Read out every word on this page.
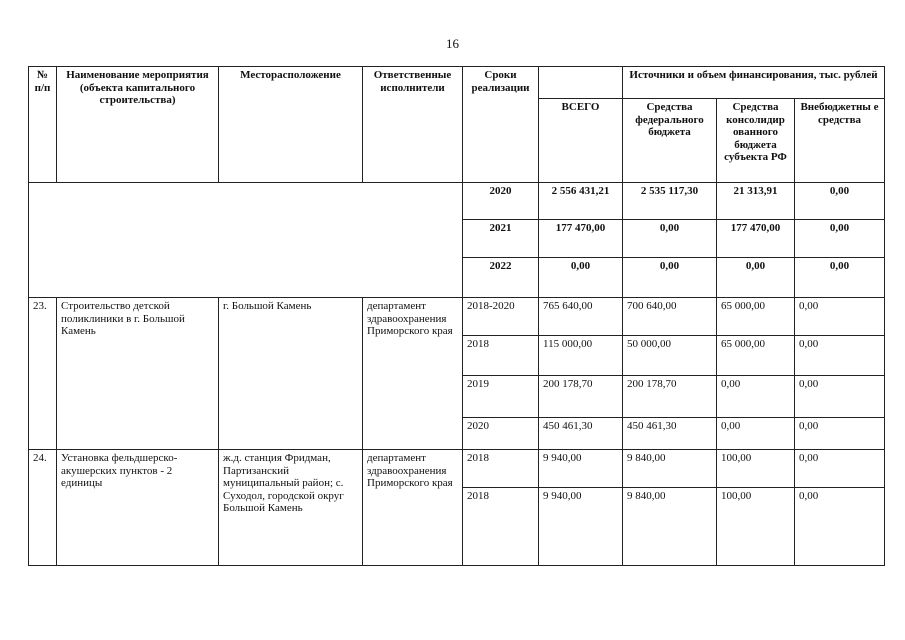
16
№ п/п	Наименование мероприятия (объекта капитального строительства)	Месторасположение	Ответственные исполнители	Сроки реализации		Источники и объем финансирования, тыс. рублей		
					ВСЕГО	Средства федерального бюджета	Средства консолидир ованного бюджета субъекта РФ	Внебюджетны е средства
				2020	2 556 431,21	2 535 117,30	21 313,91	0,00
				2021	177 470,00	0,00	177 470,00	0,00
				2022	0,00	0,00	0,00	0,00
23.	Строительство детской поликлиники в г. Большой Камень	г. Большой Камень	департамент здравоохранения Приморского края	2018-2020	765 640,00	700 640,00	65 000,00	0,00
				2018	115 000,00	50 000,00	65 000,00	0,00
				2019	200 178,70	200 178,70	0,00	0,00
				2020	450 461,30	450 461,30	0,00	0,00
24.	Установка фельдшерско-акушерских пунктов - 2 единицы	ж.д. станция Фридман, Партизанский муниципальный район; с. Суходол, городской округ Большой Камень	департамент здравоохранения Приморского края	2018	9 940,00	9 840,00	100,00	0,00
				2018	9 940,00	9 840,00	100,00	0,00
